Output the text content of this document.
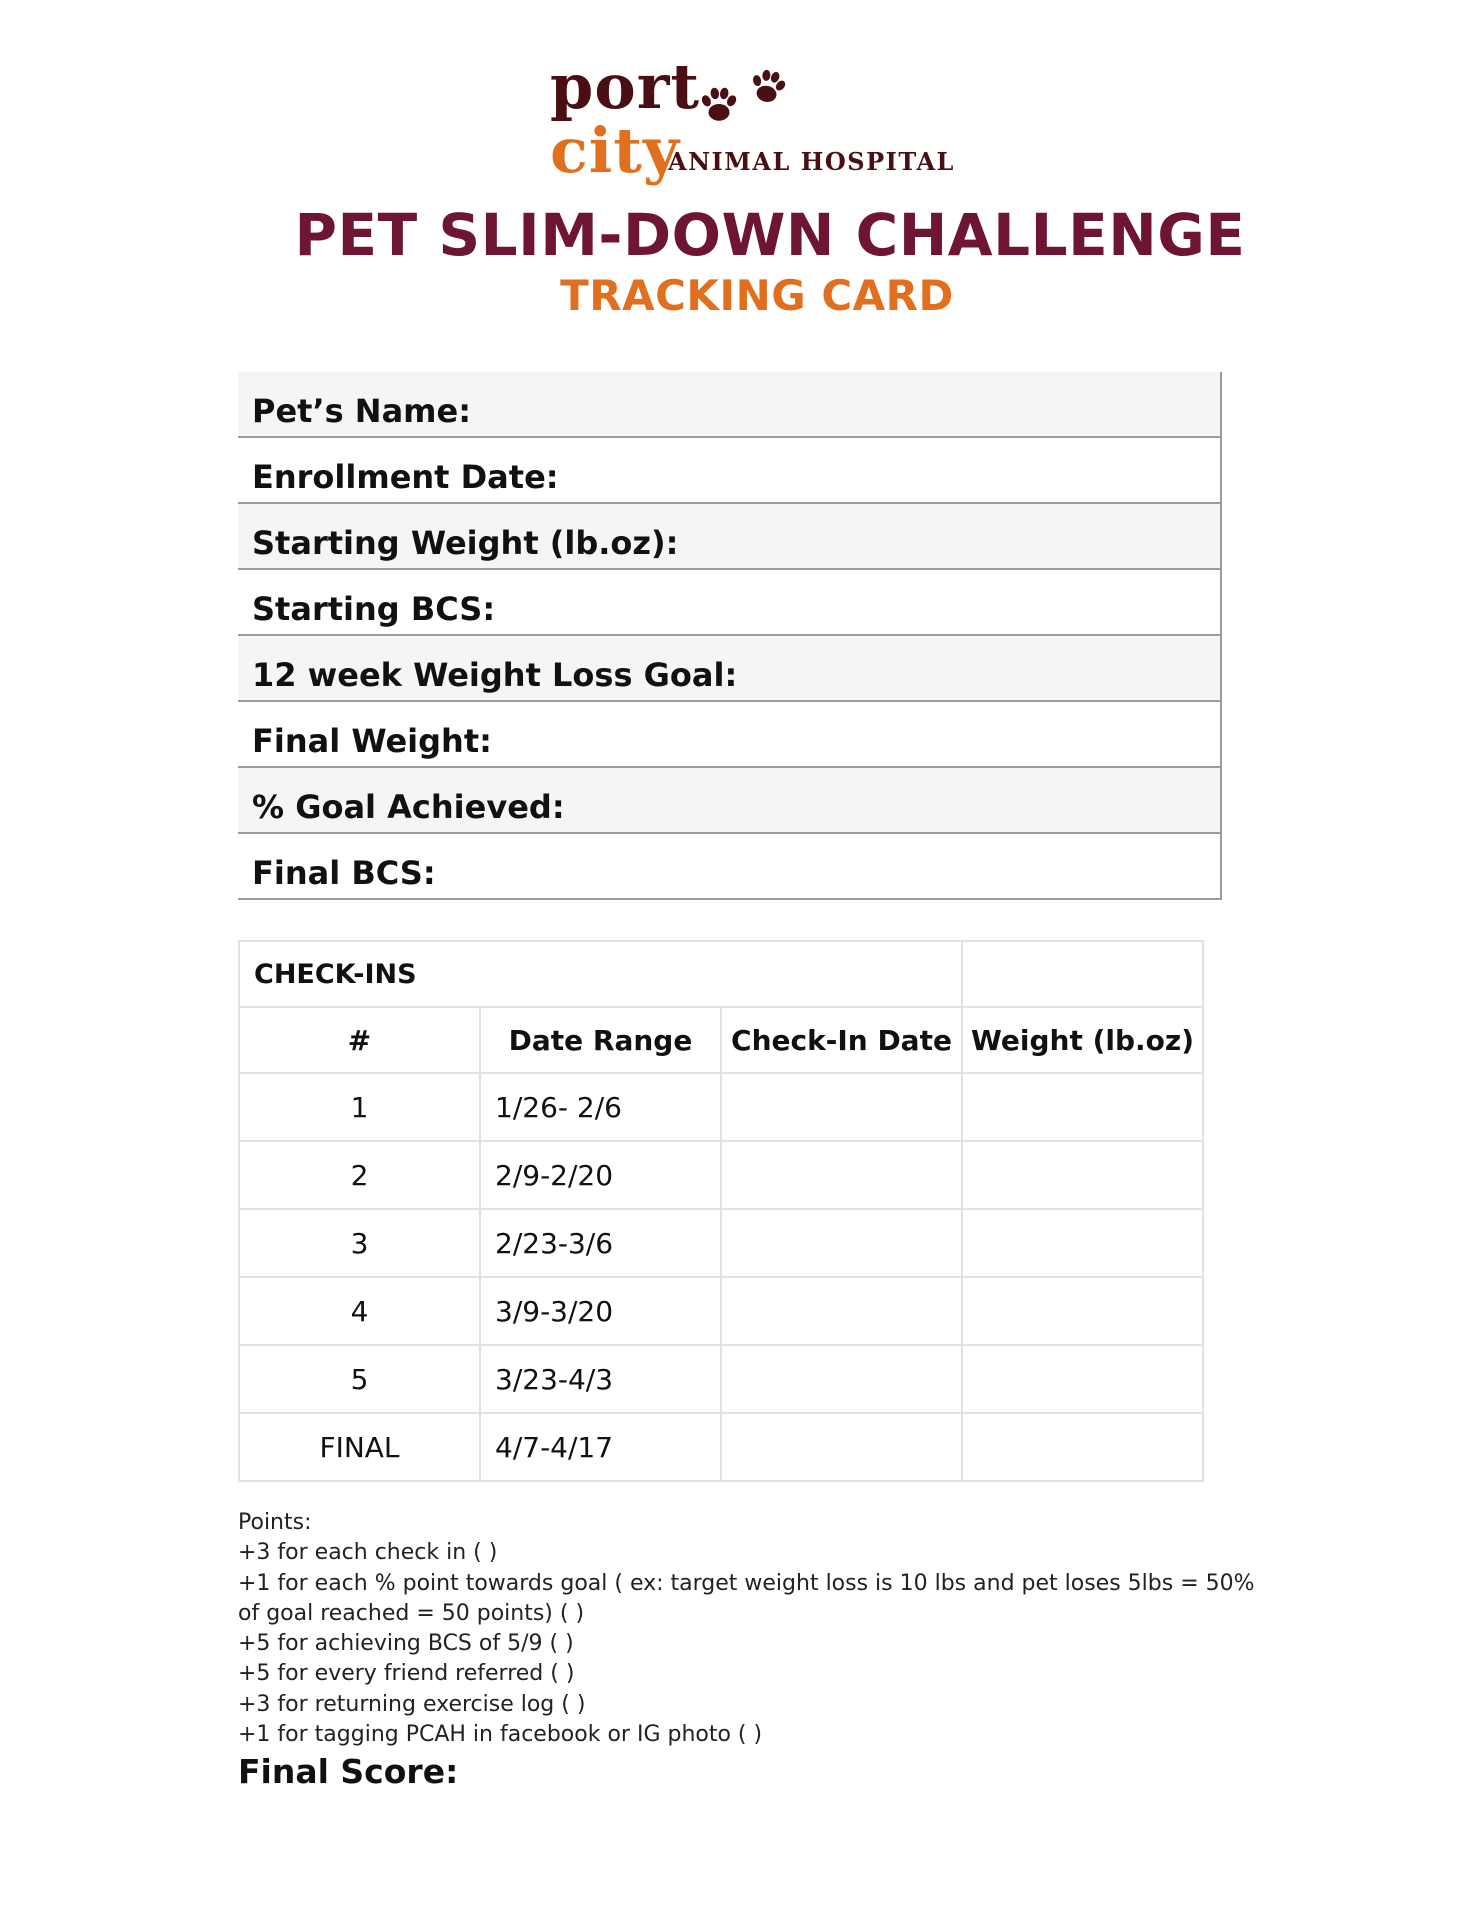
port
city
ANIMAL HOSPITAL
PET SLIM-DOWN CHALLENGE
TRACKING CARD
Pet’s Name:
Enrollment Date:
Starting Weight (lb.oz):
Starting BCS:
12 week Weight Loss Goal:
Final Weight:
% Goal Achieved:
Final BCS:
CHECK-INS			
#	Date Range	Check-In Date	Weight (lb.oz)
1	1/26- 2/6		
2	2/9-2/20		
3	2/23-3/6		
4	3/9-3/20		
5	3/23-4/3		
FINAL	4/7-4/17		
Points:
+3 for each check in ( )
+1 for each % point towards goal ( ex: target weight loss is 10 lbs and pet loses 5lbs = 50%
of goal reached = 50 points) ( )
+5 for achieving BCS of 5/9 ( )
+5 for every friend referred ( )
+3 for returning exercise log ( )
+1 for tagging PCAH in facebook or IG photo ( )
Final Score:
